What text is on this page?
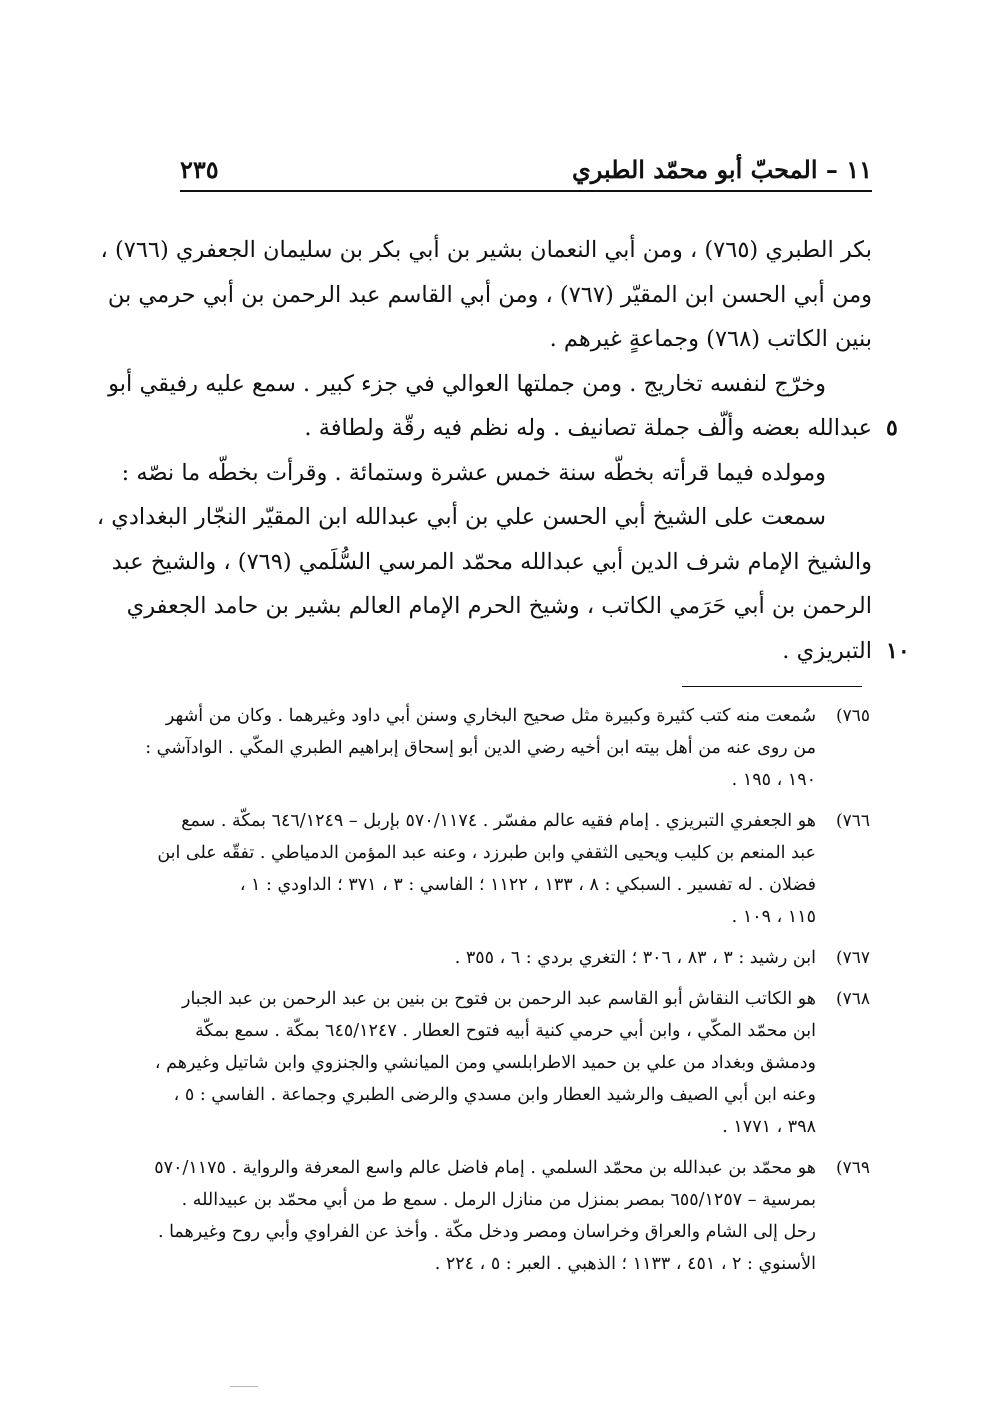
١١ – المحبّ أبو محمّد الطبري
٢٣٥
بكر الطبري (٧٦٥) ، ومن أبي النعمان بشير بن أبي بكر بن سليمان الجعفري (٧٦٦) ،
ومن أبي الحسن ابن المقيّر (٧٦٧) ، ومن أبي القاسم عبد الرحمن بن أبي حرمي بن
بنين الكاتب (٧٦٨) وجماعةٍ غيرهم .
وخرّج لنفسه تخاريج . ومن جملتها العوالي في جزء كبير . سمع عليه رفيقي أبو
٥
عبدالله بعضه وألّف جملة تصانيف . وله نظم فيه رقّة ولطافة .
ومولده فيما قرأته بخطّه سنة خمس عشرة وستمائة . وقرأت بخطّه ما نصّه :
سمعت على الشيخ أبي الحسن علي بن أبي عبدالله ابن المقيّر النجّار البغدادي ،
والشيخ الإمام شرف الدين أبي عبدالله محمّد المرسي السُّلَمي (٧٦٩) ، والشيخ عبد
الرحمن بن أبي حَرَمي الكاتب ، وشيخ الحرم الإمام العالم بشير بن حامد الجعفري
١٠
التبريزي .
٧٦٥)
سُمعت منه كتب كثيرة وكبيرة مثل صحيح البخاري وسنن أبي داود وغيرهما . وكان من أشهر
من روى عنه من أهل بيته ابن أخيه رضي الدين أبو إسحاق إبراهيم الطبري المكّي . الوادآشي :
١٩٠ ، ١٩٥ .
٧٦٦)
هو الجعفري التبريزي . إمام فقيه عالم مفسّر . ٥٧٠/١١٧٤ بإربل – ٦٤٦/١٢٤٩ بمكّة . سمع
عبد المنعم بن كليب ويحيى الثقفي وابن طبرزد ، وعنه عبد المؤمن الدمياطي . تفقّه على ابن
فضلان . له تفسير . السبكي : ٨ ، ١٣٣ ، ١١٢٢ ؛ الفاسي : ٣ ، ٣٧١ ؛ الداودي : ١ ،
١١٥ ، ١٠٩ .
٧٦٧)
ابن رشيد : ٣ ، ٨٣ ، ٣٠٦ ؛ التغري بردي : ٦ ، ٣٥٥ .
٧٦٨)
هو الكاتب النقاش أبو القاسم عبد الرحمن بن فتوح بن بنين بن عبد الرحمن بن عبد الجبار
ابن محمّد المكّي ، وابن أبي حرمي كنية أبيه فتوح العطار . ٦٤٥/١٢٤٧ بمكّة . سمع بمكّة
ودمشق وبغداد من علي بن حميد الاطرابلسي ومن الميانشي والجنزوي وابن شاتيل وغيرهم ،
وعنه ابن أبي الصيف والرشيد العطار وابن مسدي والرضى الطبري وجماعة . الفاسي : ٥ ،
٣٩٨ ، ١٧٧١ .
٧٦٩)
هو محمّد بن عبدالله بن محمّد السلمي . إمام فاضل عالم واسع المعرفة والرواية . ٥٧٠/١١٧٥
بمرسية – ٦٥٥/١٢٥٧ بمصر بمنزل من منازل الرمل . سمع ط من أبي محمّد بن عبيدالله .
رحل إلى الشام والعراق وخراسان ومصر ودخل مكّة . وأخذ عن الفراوي وأبي روح وغيرهما .
الأسنوي : ٢ ، ٤٥١ ، ١١٣٣ ؛ الذهبي . العبر : ٥ ، ٢٢٤ .
